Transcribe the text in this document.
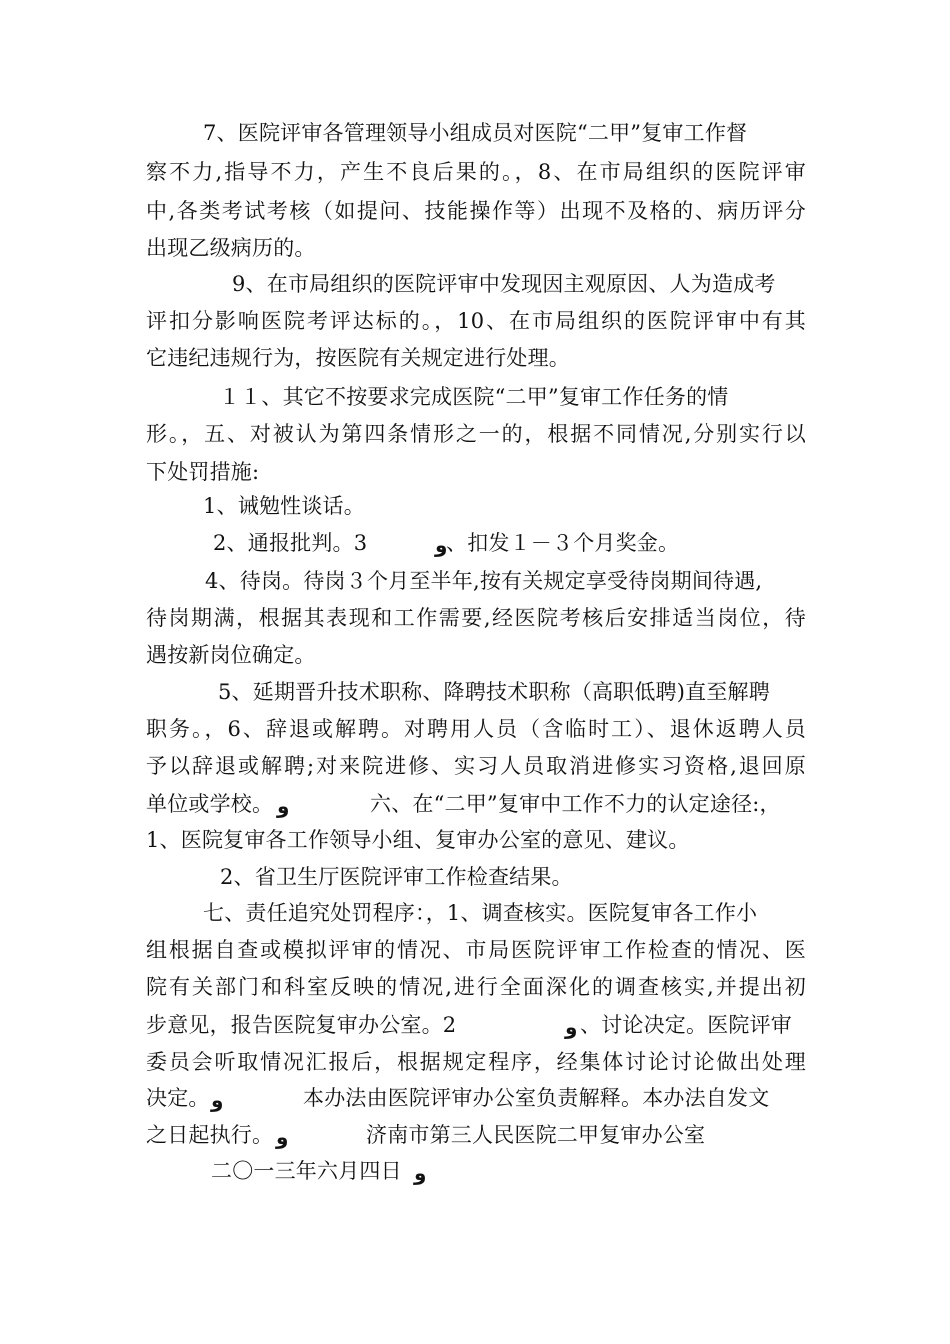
7、医院评审各管理领导小组成员对医院“二甲”复审工作督
察不力,指导不力，产生不良后果的。，8、在市局组织的医院评审
中,各类考试考核（如提问、技能操作等）出现不及格的、病历评分
出现乙级病历的。
9、在市局组织的医院评审中发现因主观原因、人为造成考
评扣分影响医院考评达标的。，10、在市局组织的医院评审中有其
它违纪违规行为，按医院有关规定进行处理。
１１、其它不按要求完成医院“二甲”复审工作任务的情
形。，五、对被认为第四条情形之一的，根据不同情况,分别实行以
下处罚措施:
1、诫勉性谈话。
2、通报批判。3	و
、扣发１－３个月奖金。
4、待岗。待岗３个月至半年,按有关规定享受待岗期间待遇,
待岗期满，根据其表现和工作需要,经医院考核后安排适当岗位，待
遇按新岗位确定。
5、延期晋升技术职称、降聘技术职称（高职低聘)直至解聘
职务。，6、辞退或解聘。对聘用人员（含临时工）、退休返聘人员
予以辞退或解聘;对来院进修、实习人员取消进修实习资格,退回原
单位或学校。 و	六、在“二甲”复审中工作不力的认定途径:，
1、医院复审各工作领导小组、复审办公室的意见、建议。
2、省卫生厅医院评审工作检查结果。
七、责任追究处罚程序：，1、调查核实。医院复审各工作小
组根据自查或模拟评审的情况、市局医院评审工作检查的情况、医
院有关部门和科室反映的情况,进行全面深化的调查核实,并提出初
步意见，报告医院复审办公室。2	و 、讨论决定。医院评审
委员会听取情况汇报后，根据规定程序，经集体讨论讨论做出处理
决定。 و	本办法由医院评审办公室负责解释。本办法自发文
之日起执行。 و	济南市第三人民医院二甲复审办公室
二〇一三年六月四日 و
